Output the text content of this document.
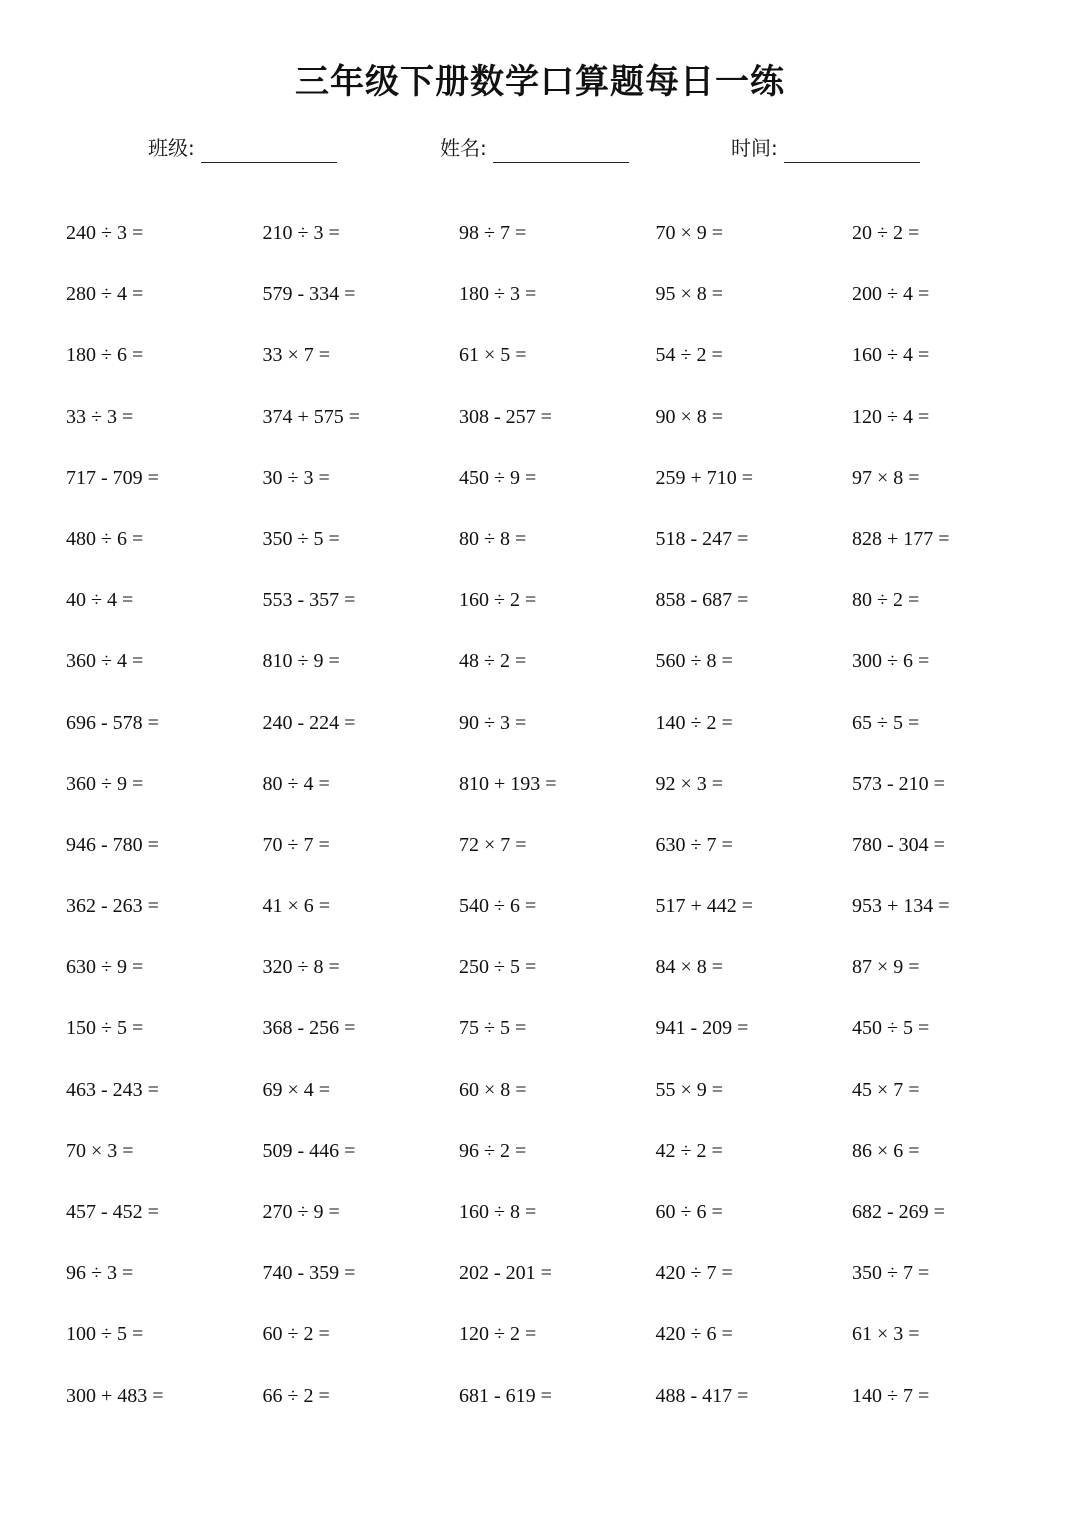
三年级下册数学口算题每日一练
班级:	姓名:	时间:
240 ÷ 3 =	210 ÷ 3 =	98 ÷ 7 =	70 × 9 =	20 ÷ 2 =
280 ÷ 4 =	579 - 334 =	180 ÷ 3 =	95 × 8 =	200 ÷ 4 =
180 ÷ 6 =	33 × 7 =	61 × 5 =	54 ÷ 2 =	160 ÷ 4 =
33 ÷ 3 =	374 + 575 =	308 - 257 =	90 × 8 =	120 ÷ 4 =
717 - 709 =	30 ÷ 3 =	450 ÷ 9 =	259 + 710 =	97 × 8 =
480 ÷ 6 =	350 ÷ 5 =	80 ÷ 8 =	518 - 247 =	828 + 177 =
40 ÷ 4 =	553 - 357 =	160 ÷ 2 =	858 - 687 =	80 ÷ 2 =
360 ÷ 4 =	810 ÷ 9 =	48 ÷ 2 =	560 ÷ 8 =	300 ÷ 6 =
696 - 578 =	240 - 224 =	90 ÷ 3 =	140 ÷ 2 =	65 ÷ 5 =
360 ÷ 9 =	80 ÷ 4 =	810 + 193 =	92 × 3 =	573 - 210 =
946 - 780 =	70 ÷ 7 =	72 × 7 =	630 ÷ 7 =	780 - 304 =
362 - 263 =	41 × 6 =	540 ÷ 6 =	517 + 442 =	953 + 134 =
630 ÷ 9 =	320 ÷ 8 =	250 ÷ 5 =	84 × 8 =	87 × 9 =
150 ÷ 5 =	368 - 256 =	75 ÷ 5 =	941 - 209 =	450 ÷ 5 =
463 - 243 =	69 × 4 =	60 × 8 =	55 × 9 =	45 × 7 =
70 × 3 =	509 - 446 =	96 ÷ 2 =	42 ÷ 2 =	86 × 6 =
457 - 452 =	270 ÷ 9 =	160 ÷ 8 =	60 ÷ 6 =	682 - 269 =
96 ÷ 3 =	740 - 359 =	202 - 201 =	420 ÷ 7 =	350 ÷ 7 =
100 ÷ 5 =	60 ÷ 2 =	120 ÷ 2 =	420 ÷ 6 =	61 × 3 =
300 + 483 =	66 ÷ 2 =	681 - 619 =	488 - 417 =	140 ÷ 7 =
